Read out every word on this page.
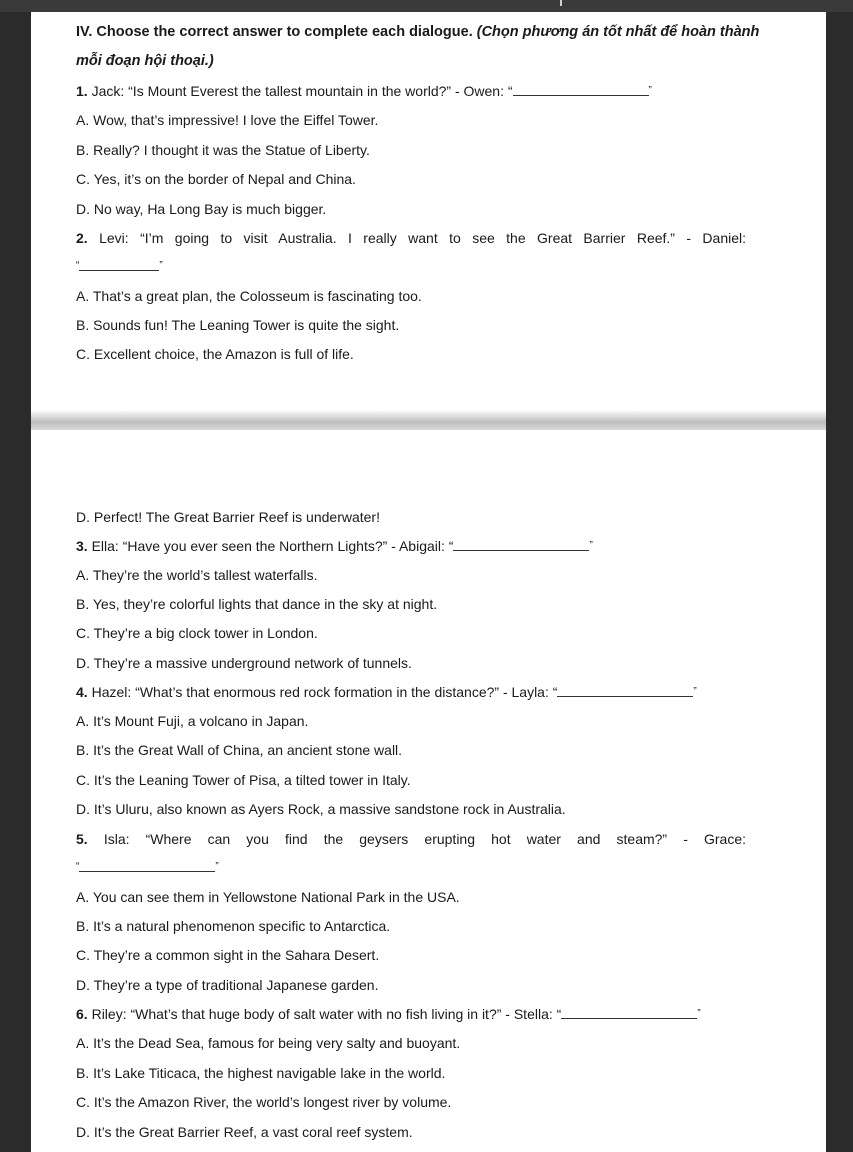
IV. Choose the correct answer to complete each dialogue. (Chọn phương án tốt nhất để hoàn thành
mỗi đoạn hội thoại.)
1. Jack: “Is Mount Everest the tallest mountain in the world?” - Owen: “	”
A. Wow, that’s impressive! I love the Eiffel Tower.
B. Really? I thought it was the Statue of Liberty.
C. Yes, it’s on the border of Nepal and China.
D. No way, Ha Long Bay is much bigger.
2. Levi: “I’m going to visit Australia. I really want to see the Great Barrier Reef.” - Daniel:
“	”
A. That’s a great plan, the Colosseum is fascinating too.
B. Sounds fun! The Leaning Tower is quite the sight.
C. Excellent choice, the Amazon is full of life.
D. Perfect! The Great Barrier Reef is underwater!
3. Ella: “Have you ever seen the Northern Lights?” - Abigail: “	”
A. They’re the world’s tallest waterfalls.
B. Yes, they’re colorful lights that dance in the sky at night.
C. They’re a big clock tower in London.
D. They’re a massive underground network of tunnels.
4. Hazel: “What’s that enormous red rock formation in the distance?” - Layla: “	”
A. It’s Mount Fuji, a volcano in Japan.
B. It’s the Great Wall of China, an ancient stone wall.
C. It’s the Leaning Tower of Pisa, a tilted tower in Italy.
D. It’s Uluru, also known as Ayers Rock, a massive sandstone rock in Australia.
5. Isla: “Where can you find the geysers erupting hot water and steam?” - Grace:
“	”
A. You can see them in Yellowstone National Park in the USA.
B. It’s a natural phenomenon specific to Antarctica.
C. They’re a common sight in the Sahara Desert.
D. They’re a type of traditional Japanese garden.
6. Riley: “What’s that huge body of salt water with no fish living in it?” - Stella: “	”
A. It’s the Dead Sea, famous for being very salty and buoyant.
B. It’s Lake Titicaca, the highest navigable lake in the world.
C. It’s the Amazon River, the world’s longest river by volume.
D. It’s the Great Barrier Reef, a vast coral reef system.
